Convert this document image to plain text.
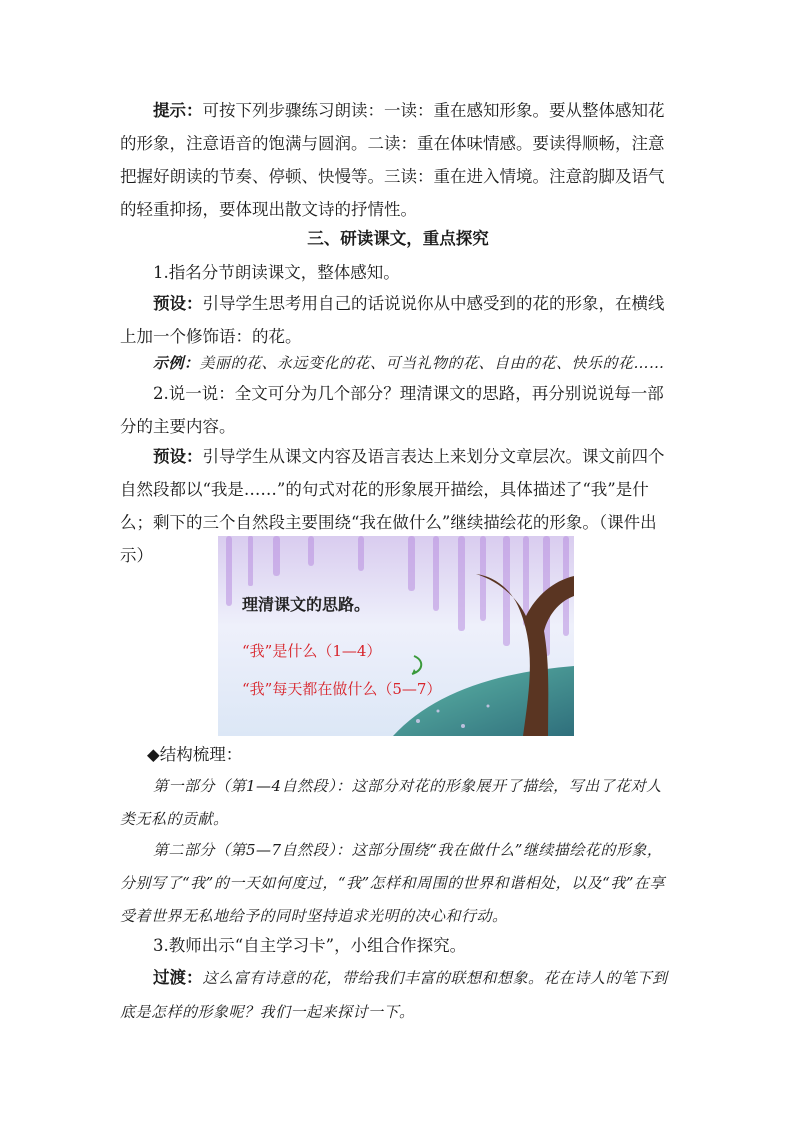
提示：可按下列步骤练习朗读：一读：重在感知形象。要从整体感知花的形象，注意语音的饱满与圆润。二读：重在体味情感。要读得顺畅，注意把握好朗读的节奏、停顿、快慢等。三读：重在进入情境。注意韵脚及语气的轻重抑扬，要体现出散文诗的抒情性。

三、研读课文，重点探究

1.指名分节朗读课文，整体感知。

预设：引导学生思考用自己的话说说你从中感受到的花的形象，在横线上加一个修饰语：的花。

示例：美丽的花、永远变化的花、可当礼物的花、自由的花、快乐的花……

2.说一说：全文可分为几个部分？理清课文的思路，再分别说说每一部分的主要内容。

预设：引导学生从课文内容及语言表达上来划分文章层次。课文前四个自然段都以“我是……”的句式对花的形象展开描绘，具体描述了“我”是什么；剩下的三个自然段主要围绕“我在做什么”继续描绘花的形象。（课件出示）

理清课文的思路。

“我”是什么（1—4）

“我”每天都在做什么（5—7）

◆结构梳理：

第一部分（第1—4自然段）：这部分对花的形象展开了描绘，写出了花对人类无私的贡献。

第二部分（第5—7自然段）：这部分围绕“我在做什么”继续描绘花的形象，分别写了“我”的一天如何度过，“我”怎样和周围的世界和谐相处，以及“我”在享受着世界无私地给予的同时坚持追求光明的决心和行动。

3.教师出示“自主学习卡”，小组合作探究。

过渡：这么富有诗意的花，带给我们丰富的联想和想象。花在诗人的笔下到底是怎样的形象呢？我们一起来探讨一下。
